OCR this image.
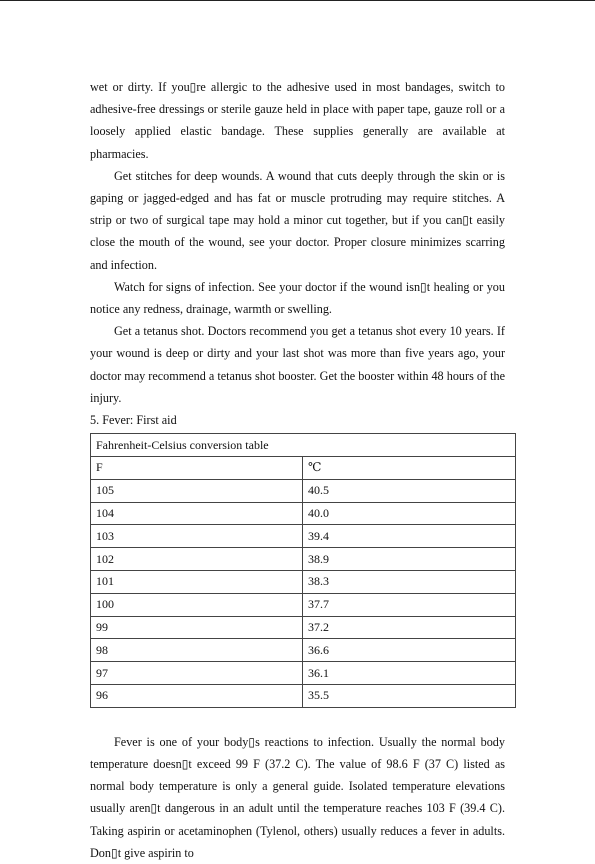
wet or dirty. If you▯re allergic to the adhesive used in most bandages, switch to adhesive-free dressings or sterile gauze held in place with paper tape, gauze roll or a loosely applied elastic bandage. These supplies generally are available at pharmacies.

Get stitches for deep wounds. A wound that cuts deeply through the skin or is gaping or jagged-edged and has fat or muscle protruding may require stitches. A strip or two of surgical tape may hold a minor cut together, but if you can▯t easily close the mouth of the wound, see your doctor. Proper closure minimizes scarring and infection.

Watch for signs of infection. See your doctor if the wound isn▯t healing or you notice any redness, drainage, warmth or swelling.

Get a tetanus shot. Doctors recommend you get a tetanus shot every 10 years. If your wound is deep or dirty and your last shot was more than five years ago, your doctor may recommend a tetanus shot booster. Get the booster within 48 hours of the injury.

5. Fever: First aid
Fahrenheit-Celsius conversion table	
F	℃
105	40.5
104	40.0
103	39.4
102	38.9
101	38.3
100	37.7
99	37.2
98	36.6
97	36.1
96	35.5

Fever is one of your body▯s reactions to infection. Usually the normal body temperature doesn▯t exceed 99 F (37.2 C). The value of 98.6 F (37 C) listed as normal body temperature is only a general guide. Isolated temperature elevations usually aren▯t dangerous in an adult until the temperature reaches 103 F (39.4 C). Taking aspirin or acetaminophen (Tylenol, others) usually reduces a fever in adults. Don▯t give aspirin to
